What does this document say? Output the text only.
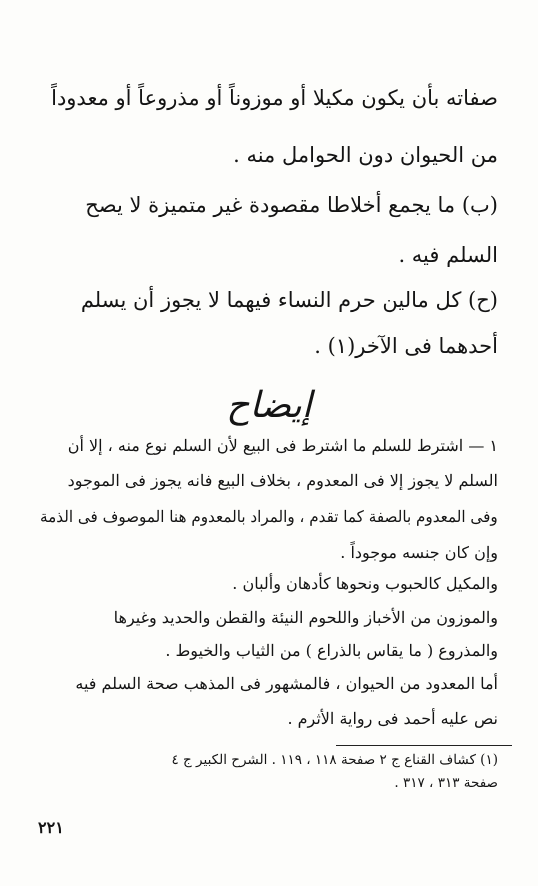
صفاته بأن يكون مكيلا أو موزوناً أو مذروعاً أو معدوداً
من الحيوان دون الحوامل منه .
(ب) ما يجمع أخلاطا مقصودة غير متميزة لا يصح
السلم فيه .
(ح) كل مالين حرم النساء فيهما لا يجوز أن يسلم
أحدهما فى الآخر(١) .
إيضاح
١ — اشترط للسلم ما اشترط فى البيع لأن السلم نوع منه ، إلا أن
السلم لا يجوز إلا فى المعدوم ، بخلاف البيع فانه يجوز فى الموجود
وفى المعدوم بالصفة كما تقدم ، والمراد بالمعدوم هنا الموصوف فى الذمة
وإن كان جنسه موجوداً .
والمكيل كالحبوب ونحوها كأدهان وألبان .
والموزون من الأخباز واللحوم النيئة والقطن والحديد وغيرها
والمذروع ( ما يقاس بالذراع ) من الثياب والخيوط .
أما المعدود من الحيوان ، فالمشهور فى المذهب صحة السلم فيه
نص عليه أحمد فى رواية الأثرم .
(١) كشاف القناع ج ٢ صفحة ١١٨ ، ١١٩ . الشرح الكبير ج ٤
صفحة ٣١٣ ، ٣١٧ .
٢٢١
